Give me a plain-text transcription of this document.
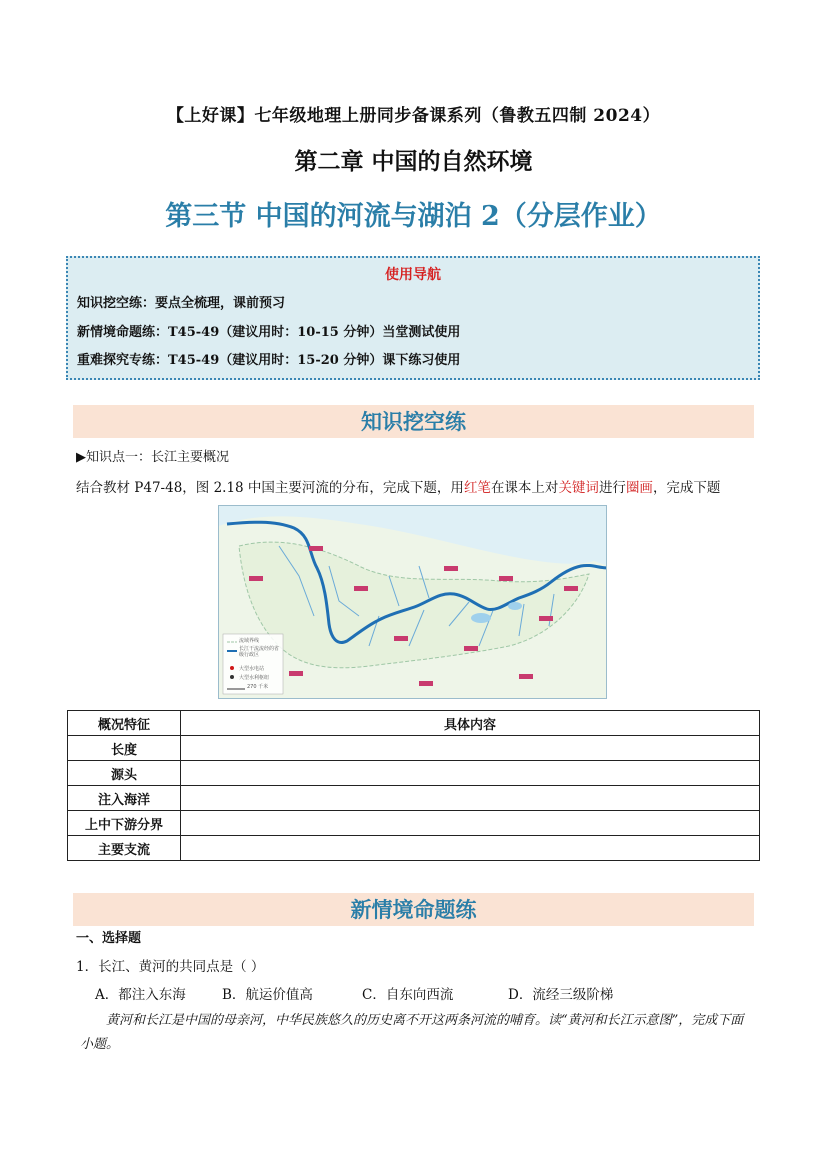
【上好课】七年级地理上册同步备课系列（鲁教五四制 2024）
第二章 中国的自然环境
第三节 中国的河流与湖泊 2（分层作业）
使用导航
知识挖空练：要点全梳理，课前预习
新情境命题练：T45-49（建议用时：10-15 分钟）当堂测试使用
重难探究专练：T45-49（建议用时：15-20 分钟）课下练习使用
知识挖空练
▶知识点一：长江主要概况
结合教材 P47-48，图 2.18 中国主要河流的分布，完成下题，用红笔在课本上对关键词进行圈画，完成下题
流域界线
长江干流流经的省级行政区
大型水电站
大型水利枢纽
270 千米
概况特征	具体内容
长度	
源头	
注入海洋	
上中下游分界	
主要支流	
新情境命题练
一、选择题
1．长江、黄河的共同点是（ ）
A．都注入东海	B．航运价值高	C．自东向西流	D．流经三级阶梯
黄河和长江是中国的母亲河，中华民族悠久的历史离不开这两条河流的哺育。读“黄河和长江示意图”，完成下面小题。
